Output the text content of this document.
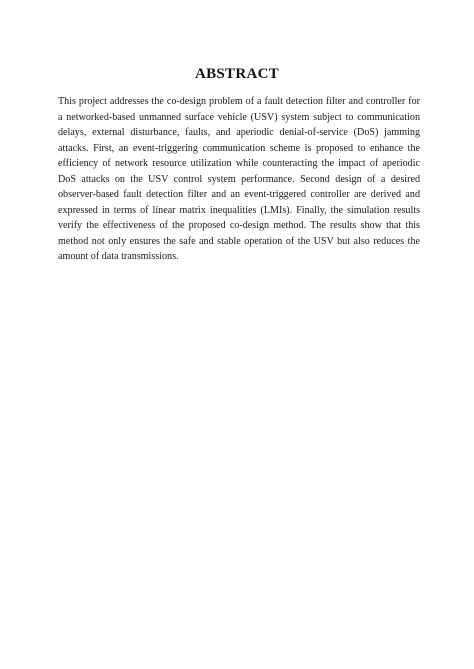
ABSTRACT

This project addresses the co-design problem of a fault detection filter and controller for a networked-based unmanned surface vehicle (USV) system subject to communication delays, external disturbance, faults, and aperiodic denial-of-service (DoS) jamming attacks. First, an event-triggering communication scheme is proposed to enhance the efficiency of network resource utilization while counteracting the impact of aperiodic DoS attacks on the USV control system performance. Second design of a desired observer-based fault detection filter and an event-triggered controller are derived and expressed in terms of linear matrix inequalities (LMIs). Finally, the simulation results verify the effectiveness of the proposed co-design method. The results show that this method not only ensures the safe and stable operation of the USV but also reduces the amount of data transmissions.
